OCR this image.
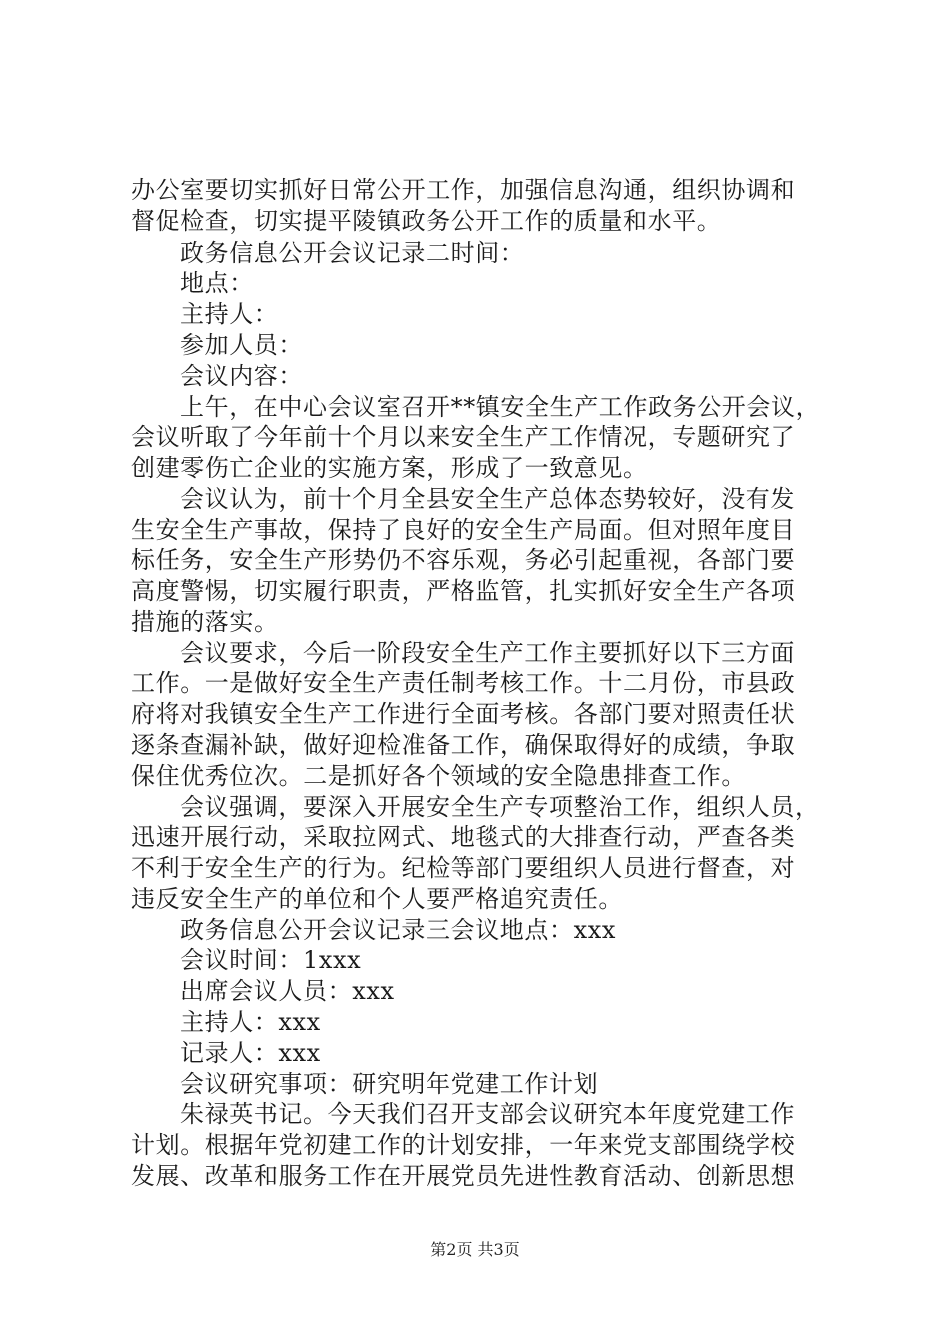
办公室要切实抓好日常公开工作，加强信息沟通，组织协调和
督促检查，切实提平陵镇政务公开工作的质量和水平。
政务信息公开会议记录二时间：
地点：
主持人：
参加人员：
会议内容：
上午，在中心会议室召开**镇安全生产工作政务公开会议，
会议听取了今年前十个月以来安全生产工作情况，专题研究了
创建零伤亡企业的实施方案，形成了一致意见。
会议认为，前十个月全县安全生产总体态势较好，没有发
生安全生产事故，保持了良好的安全生产局面。但对照年度目
标任务，安全生产形势仍不容乐观，务必引起重视，各部门要
高度警惕，切实履行职责，严格监管，扎实抓好安全生产各项
措施的落实。
会议要求，今后一阶段安全生产工作主要抓好以下三方面
工作。一是做好安全生产责任制考核工作。十二月份，市县政
府将对我镇安全生产工作进行全面考核。各部门要对照责任状
逐条查漏补缺，做好迎检准备工作，确保取得好的成绩，争取
保住优秀位次。二是抓好各个领域的安全隐患排查工作。
会议强调，要深入开展安全生产专项整治工作，组织人员，
迅速开展行动，采取拉网式、地毯式的大排查行动，严查各类
不利于安全生产的行为。纪检等部门要组织人员进行督查，对
违反安全生产的单位和个人要严格追究责任。
政务信息公开会议记录三会议地点：xxx
会议时间：1xxx
出席会议人员：xxx
主持人：xxx
记录人：xxx
会议研究事项：研究明年党建工作计划
朱禄英书记。今天我们召开支部会议研究本年度党建工作
计划。根据年党初建工作的计划安排，一年来党支部围绕学校
发展、改革和服务工作在开展党员先进性教育活动、创新思想
第2页 共3页
